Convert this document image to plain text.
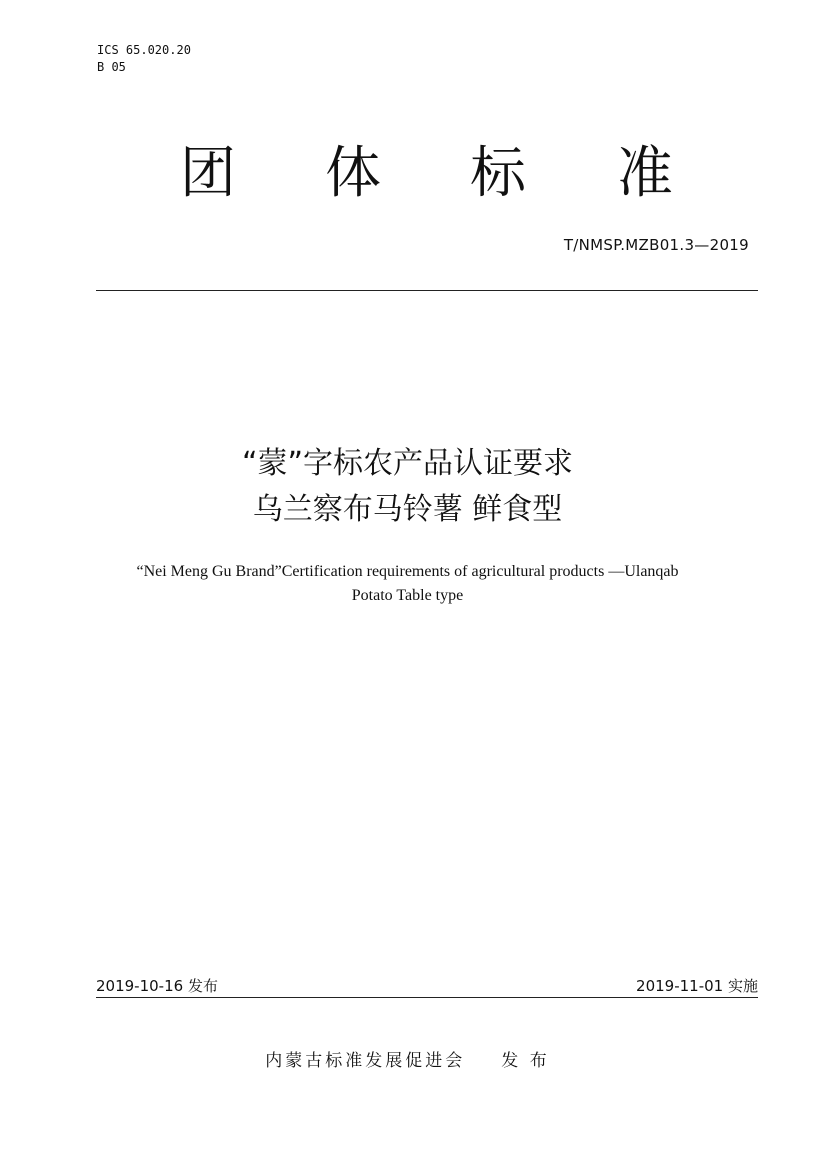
ICS 65.020.20
B 05
团 体 标 准
T/NMSP.MZB01.3—2019
“蒙”字标农产品认证要求
乌兰察布马铃薯 鲜食型
“Nei Meng Gu Brand”Certification requirements of agricultural products —Ulanqab
Potato Table type
2019-10-16 发布	2019-11-01 实施
内蒙古标准发展促进会 发 布
